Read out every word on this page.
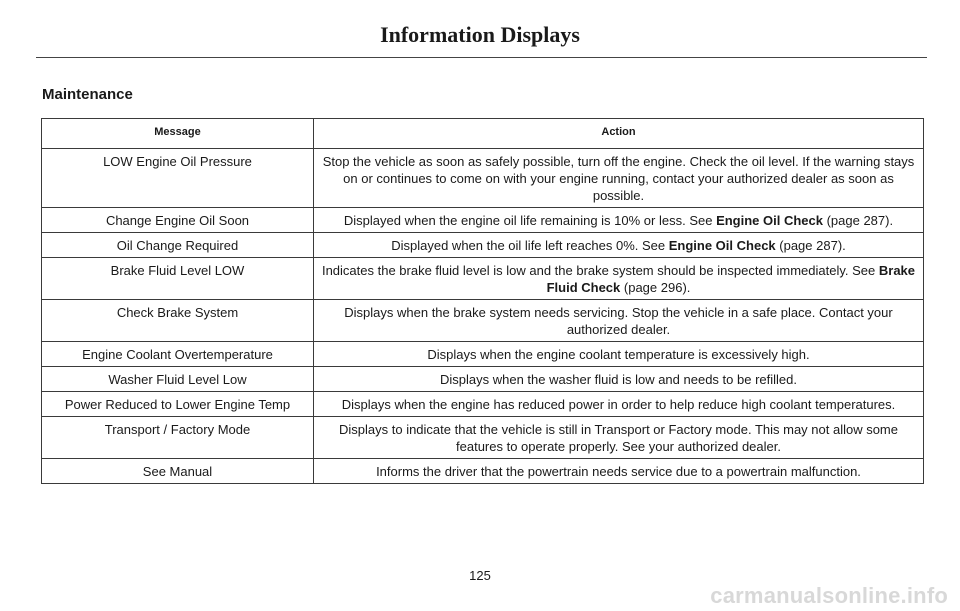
Information Displays
Maintenance
Message	Action
LOW Engine Oil Pressure	Stop the vehicle as soon as safely possible, turn off the engine. Check the oil level. If the warning stays on or continues to come on with your engine running, contact your authorized dealer as soon as possible.
Change Engine Oil Soon	Displayed when the engine oil life remaining is 10% or less. See Engine Oil Check (page 287).
Oil Change Required	Displayed when the oil life left reaches 0%. See Engine Oil Check (page 287).
Brake Fluid Level LOW	Indicates the brake fluid level is low and the brake system should be inspected immediately. See Brake Fluid Check (page 296).
Check Brake System	Displays when the brake system needs servicing. Stop the vehicle in a safe place. Contact your authorized dealer.
Engine Coolant Overtemperature	Displays when the engine coolant temperature is excessively high.
Washer Fluid Level Low	Displays when the washer fluid is low and needs to be refilled.
Power Reduced to Lower Engine Temp	Displays when the engine has reduced power in order to help reduce high coolant temperatures.
Transport / Factory Mode	Displays to indicate that the vehicle is still in Transport or Factory mode. This may not allow some features to operate properly. See your authorized dealer.
See Manual	Informs the driver that the powertrain needs service due to a powertrain malfunction.
125
carmanualsonline.info
